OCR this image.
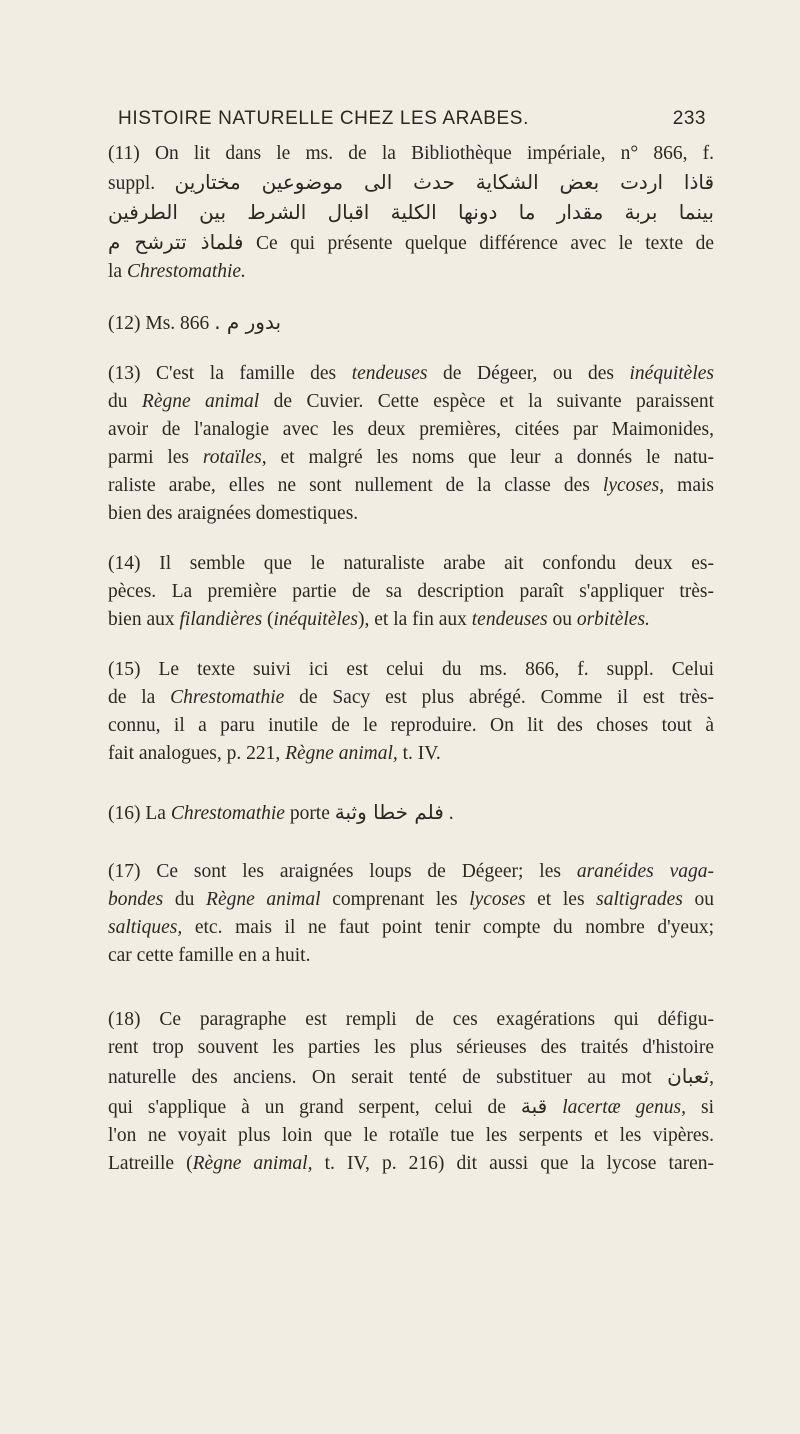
HISTOIRE NATURELLE CHEZ LES ARABES.	233
(11) On lit dans le ms. de la Bibliothèque impériale, n° 866, f.
suppl. قاذا اردت بعض الشكاية حدث الى موضوعين مختارين
بينما بربة مقدار ما دونها الكلية اقبال الشرط بين الطرفين
فلماذ تترشح م Ce qui présente quelque différence avec le texte de
la Chrestomathie.
(12) Ms. 866 بدور م .
(13) C'est la famille des tendeuses de Dégeer, ou des inéquitèles
du Règne animal de Cuvier. Cette espèce et la suivante paraissent
avoir de l'analogie avec les deux premières, citées par Maimonides,
parmi les rotaïles, et malgré les noms que leur a donnés le natu-
raliste arabe, elles ne sont nullement de la classe des lycoses, mais
bien des araignées domestiques.
(14) Il semble que le naturaliste arabe ait confondu deux es-
pèces. La première partie de sa description paraît s'appliquer très-
bien aux filandières (inéquitèles), et la fin aux tendeuses ou orbitèles.
(15) Le texte suivi ici est celui du ms. 866, f. suppl. Celui
de la Chrestomathie de Sacy est plus abrégé. Comme il est très-
connu, il a paru inutile de le reproduire. On lit des choses tout à
fait analogues, p. 221, Règne animal, t. IV.
(16) La Chrestomathie porte فلم خطا وثبة .
(17) Ce sont les araignées loups de Dégeer; les aranéides vaga-
bondes du Règne animal comprenant les lycoses et les saltigrades ou
saltiques, etc. mais il ne faut point tenir compte du nombre d'yeux;
car cette famille en a huit.
(18) Ce paragraphe est rempli de ces exagérations qui défigu-
rent trop souvent les parties les plus sérieuses des traités d'histoire
naturelle des anciens. On serait tenté de substituer au mot ثعبان,
qui s'applique à un grand serpent, celui de قبة lacertæ genus, si
l'on ne voyait plus loin que le rotaïle tue les serpents et les vipères.
Latreille (Règne animal, t. IV, p. 216) dit aussi que la lycose taren-
